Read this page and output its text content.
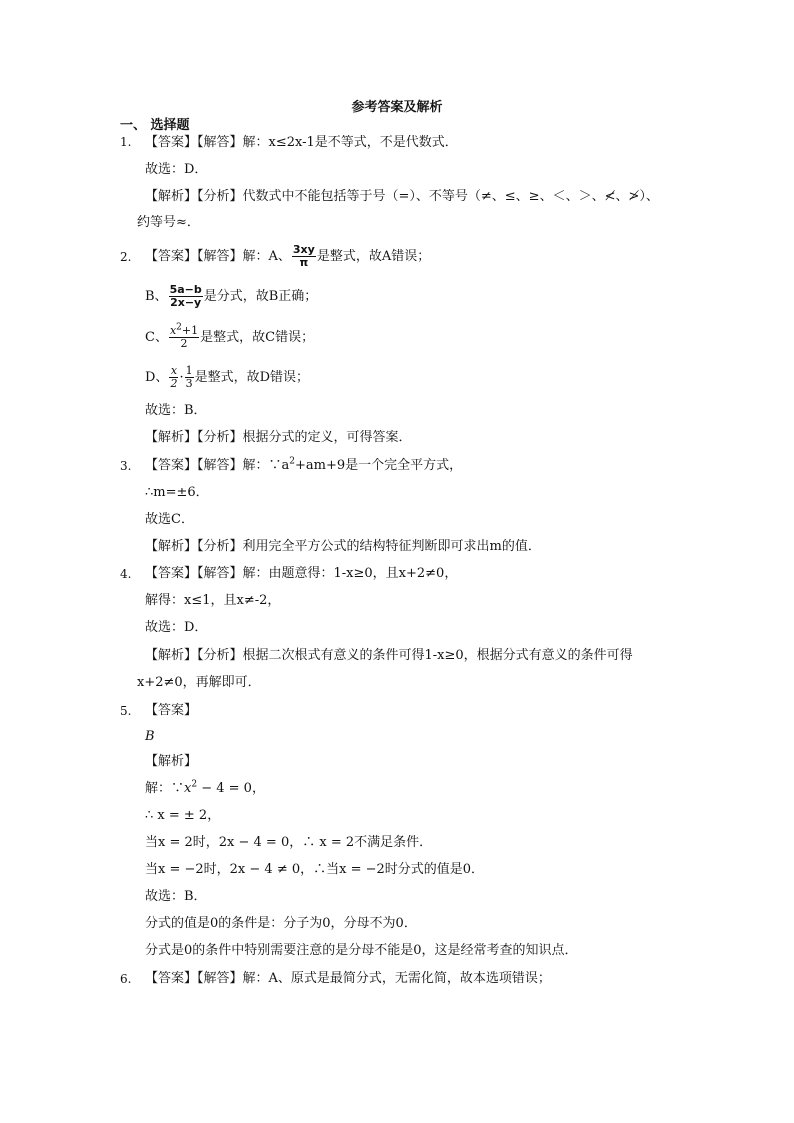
参考答案及解析
一、 选择题
1. 【答案】【解答】解：x≤2x-1是不等式，不是代数式．
故选：D．
【解析】【分析】代数式中不能包括等于号（=）、不等号（≠、≤、≥、＜、＞、≮、≯）、
约等号≈．
2. 【答案】【解答】解：A、 $\frac{3xy}{\pi}$ 是整式，故A错误；
B、 $\frac{5a-b}{2x-y}$ 是分式，故B正确；
C、 $\frac{x^2+1}{2}$ 是整式，故C错误；
D、 $\frac{x}{2} \cdot \frac{1}{3}$ 是整式，故D错误；
故选：B．
【解析】【分析】根据分式的定义，可得答案．
3. 【答案】【解答】解：$\because a^2+am+9$是一个完全平方式，
∴m=±6．
故选C．
【解析】【分析】利用完全平方公式的结构特征判断即可求出m的值．
4. 【答案】【解答】解：由题意得：1-x≥0，且x+2≠0，
解得：x≤1，且x≠-2，
故选：D．
【解析】【分析】根据二次根式有意义的条件可得1-x≥0，根据分式有意义的条件可得
x+2≠0，再解即可．
5. 【答案】
B
【解析】
解：$\because x^2 - 4 = 0$，
∴ x = ± 2，
当x = 2时，2x − 4 = 0，∴ x = 2不满足条件．
当x = −2时，2x − 4 ≠ 0，∴当x = −2时分式的值是0．
故选：B．
分式的值是0的条件是：分子为0，分母不为0．
分式是0的条件中特别需要注意的是分母不能是0，这是经常考查的知识点．
6. 【答案】【解答】解：A、原式是最简分式，无需化简，故本选项错误；
